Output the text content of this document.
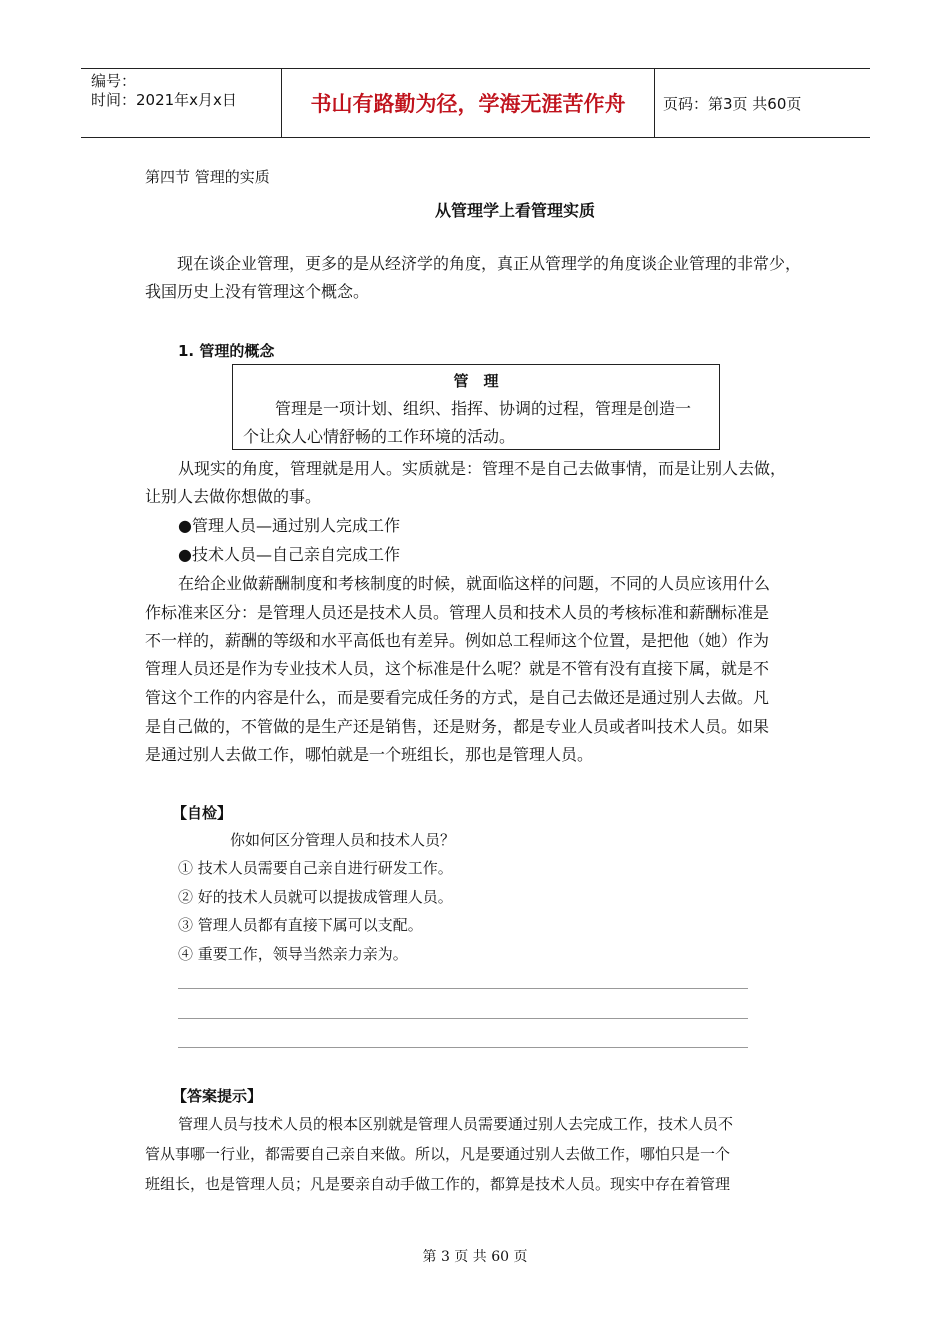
编号：
时间：2021年x月x日	书山有路勤为径，学海无涯苦作舟	页码：第3页 共60页
第四节 管理的实质
从管理学上看管理实质
现在谈企业管理，更多的是从经济学的角度，真正从管理学的角度谈企业管理的非常少，我国历史上没有管理这个概念。
1. 管理的概念
管　理
管理是一项计划、组织、指挥、协调的过程，管理是创造一
个让众人心情舒畅的工作环境的活动。
从现实的角度，管理就是用人。实质就是：管理不是自己去做事情，而是让别人去做，
让别人去做你想做的事。
●管理人员—通过别人完成工作
●技术人员—自己亲自完成工作
在给企业做薪酬制度和考核制度的时候，就面临这样的问题，不同的人员应该用什么
作标准来区分：是管理人员还是技术人员。管理人员和技术人员的考核标准和薪酬标准是
不一样的，薪酬的等级和水平高低也有差异。例如总工程师这个位置，是把他（她）作为
管理人员还是作为专业技术人员，这个标准是什么呢？就是不管有没有直接下属，就是不
管这个工作的内容是什么，而是要看完成任务的方式，是自己去做还是通过别人去做。凡
是自己做的，不管做的是生产还是销售，还是财务，都是专业人员或者叫技术人员。如果
是通过别人去做工作，哪怕就是一个班组长，那也是管理人员。
【自检】
你如何区分管理人员和技术人员？
① 技术人员需要自己亲自进行研发工作。
② 好的技术人员就可以提拔成管理人员。
③ 管理人员都有直接下属可以支配。
④ 重要工作，领导当然亲力亲为。
【答案提示】
管理人员与技术人员的根本区别就是管理人员需要通过别人去完成工作，技术人员不
管从事哪一行业，都需要自己亲自来做。所以，凡是要通过别人去做工作，哪怕只是一个
班组长，也是管理人员；凡是要亲自动手做工作的，都算是技术人员。现实中存在着管理
第 3 页 共 60 页
